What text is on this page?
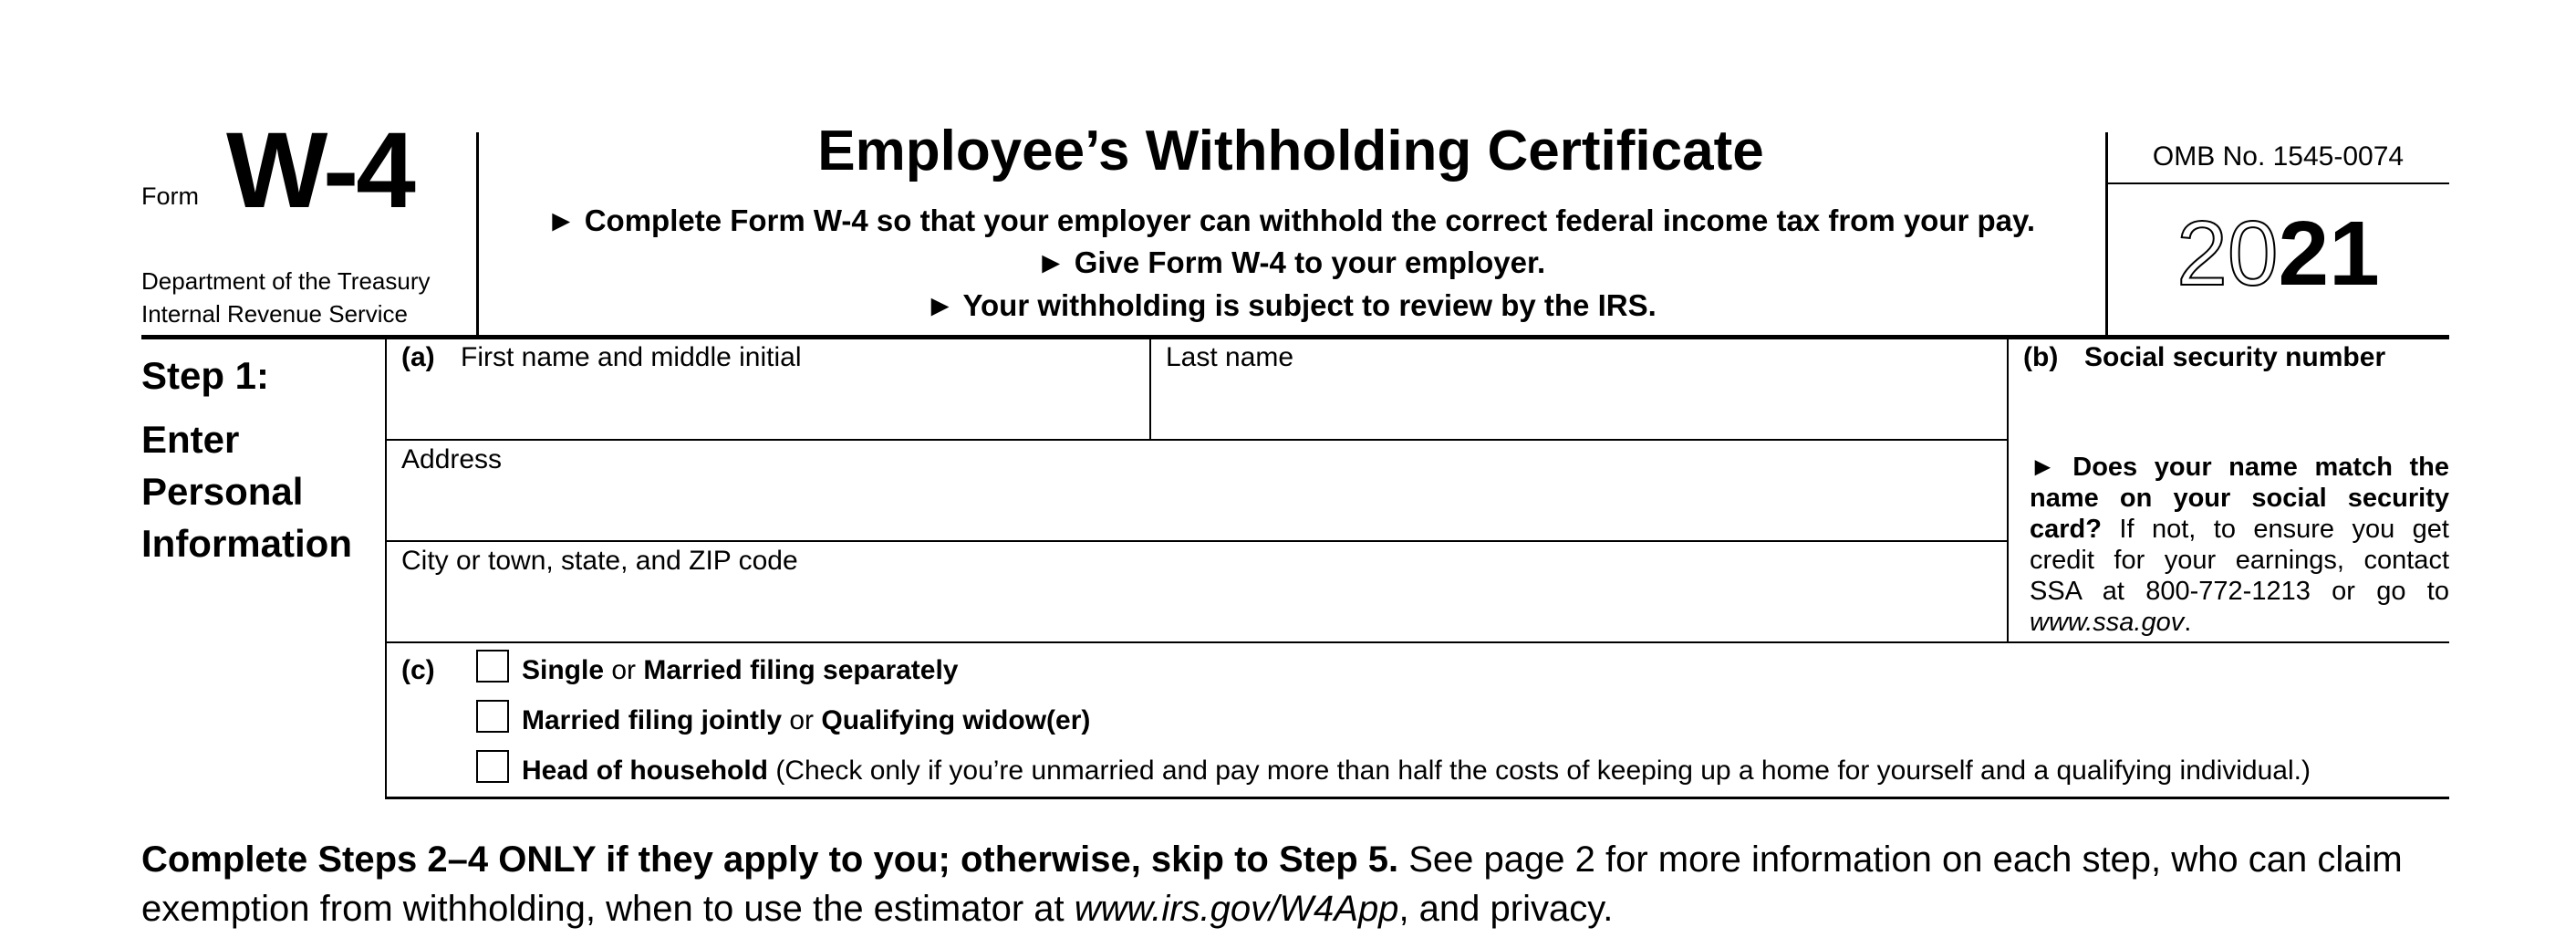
Form W-4
Department of the Treasury
Internal Revenue Service
Employee’s Withholding Certificate
► Complete Form W-4 so that your employer can withhold the correct federal income tax from your pay.
► Give Form W-4 to your employer.
► Your withholding is subject to review by the IRS.
OMB No. 1545-0074
2021
Step 1:
Enter Personal Information
(a) First name and middle initial	Last name	(b) Social security number
Address
City or town, state, and ZIP code
► Does your name match the name on your social security card? If not, to ensure you get credit for your earnings, contact SSA at 800-772-1213 or go to www.ssa.gov.
(c)	Single or Married filing separately
Married filing jointly or Qualifying widow(er)
Head of household (Check only if you’re unmarried and pay more than half the costs of keeping up a home for yourself and a qualifying individual.)
Complete Steps 2–4 ONLY if they apply to you; otherwise, skip to Step 5. See page 2 for more information on each step, who can claim exemption from withholding, when to use the estimator at www.irs.gov/W4App, and privacy.
